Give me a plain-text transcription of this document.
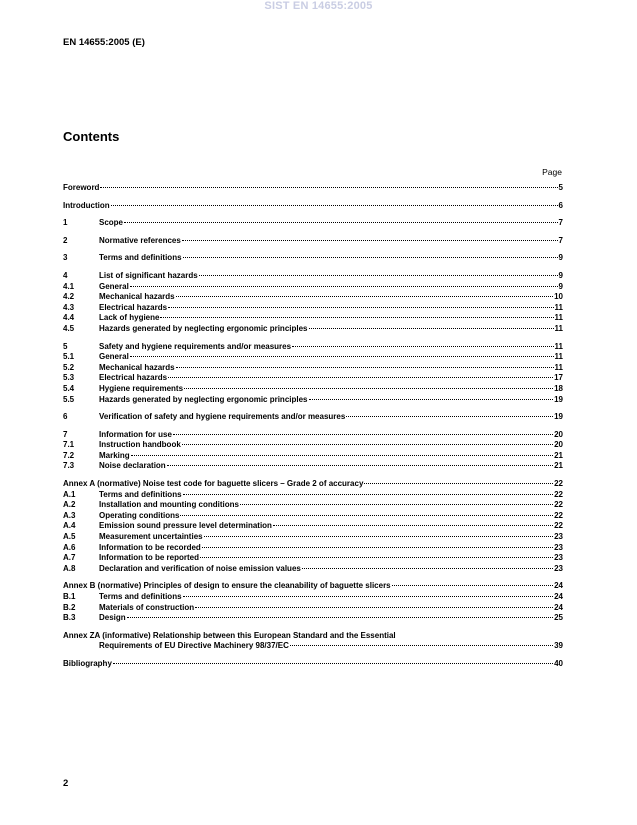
SIST EN 14655:2005
EN 14655:2005 (E)
Contents
Page
Foreword	5
Introduction	6
1	Scope	7
2	Normative references	7
3	Terms and definitions	9
4	List of significant hazards	9
4.1	General	9
4.2	Mechanical hazards	10
4.3	Electrical hazards	11
4.4	Lack of hygiene	11
4.5	Hazards generated by neglecting ergonomic principles	11
5	Safety and hygiene requirements and/or measures	11
5.1	General	11
5.2	Mechanical hazards	11
5.3	Electrical hazards	17
5.4	Hygiene requirements	18
5.5	Hazards generated by neglecting ergonomic principles	19
6	Verification of safety and hygiene requirements and/or measures	19
7	Information for use	20
7.1	Instruction handbook	20
7.2	Marking	21
7.3	Noise declaration	21
Annex A (normative) Noise test code for baguette slicers – Grade 2 of accuracy	22
A.1	Terms and definitions	22
A.2	Installation and mounting conditions	22
A.3	Operating conditions	22
A.4	Emission sound pressure level determination	22
A.5	Measurement uncertainties	23
A.6	Information to be recorded	23
A.7	Information to be reported	23
A.8	Declaration and verification of noise emission values	23
Annex B (normative) Principles of design to ensure the cleanability of baguette slicers	24
B.1	Terms and definitions	24
B.2	Materials of construction	24
B.3	Design	25
Annex ZA (informative) Relationship between this European Standard and the Essential
Requirements of EU Directive Machinery 98/37/EC	39
Bibliography	40
2
